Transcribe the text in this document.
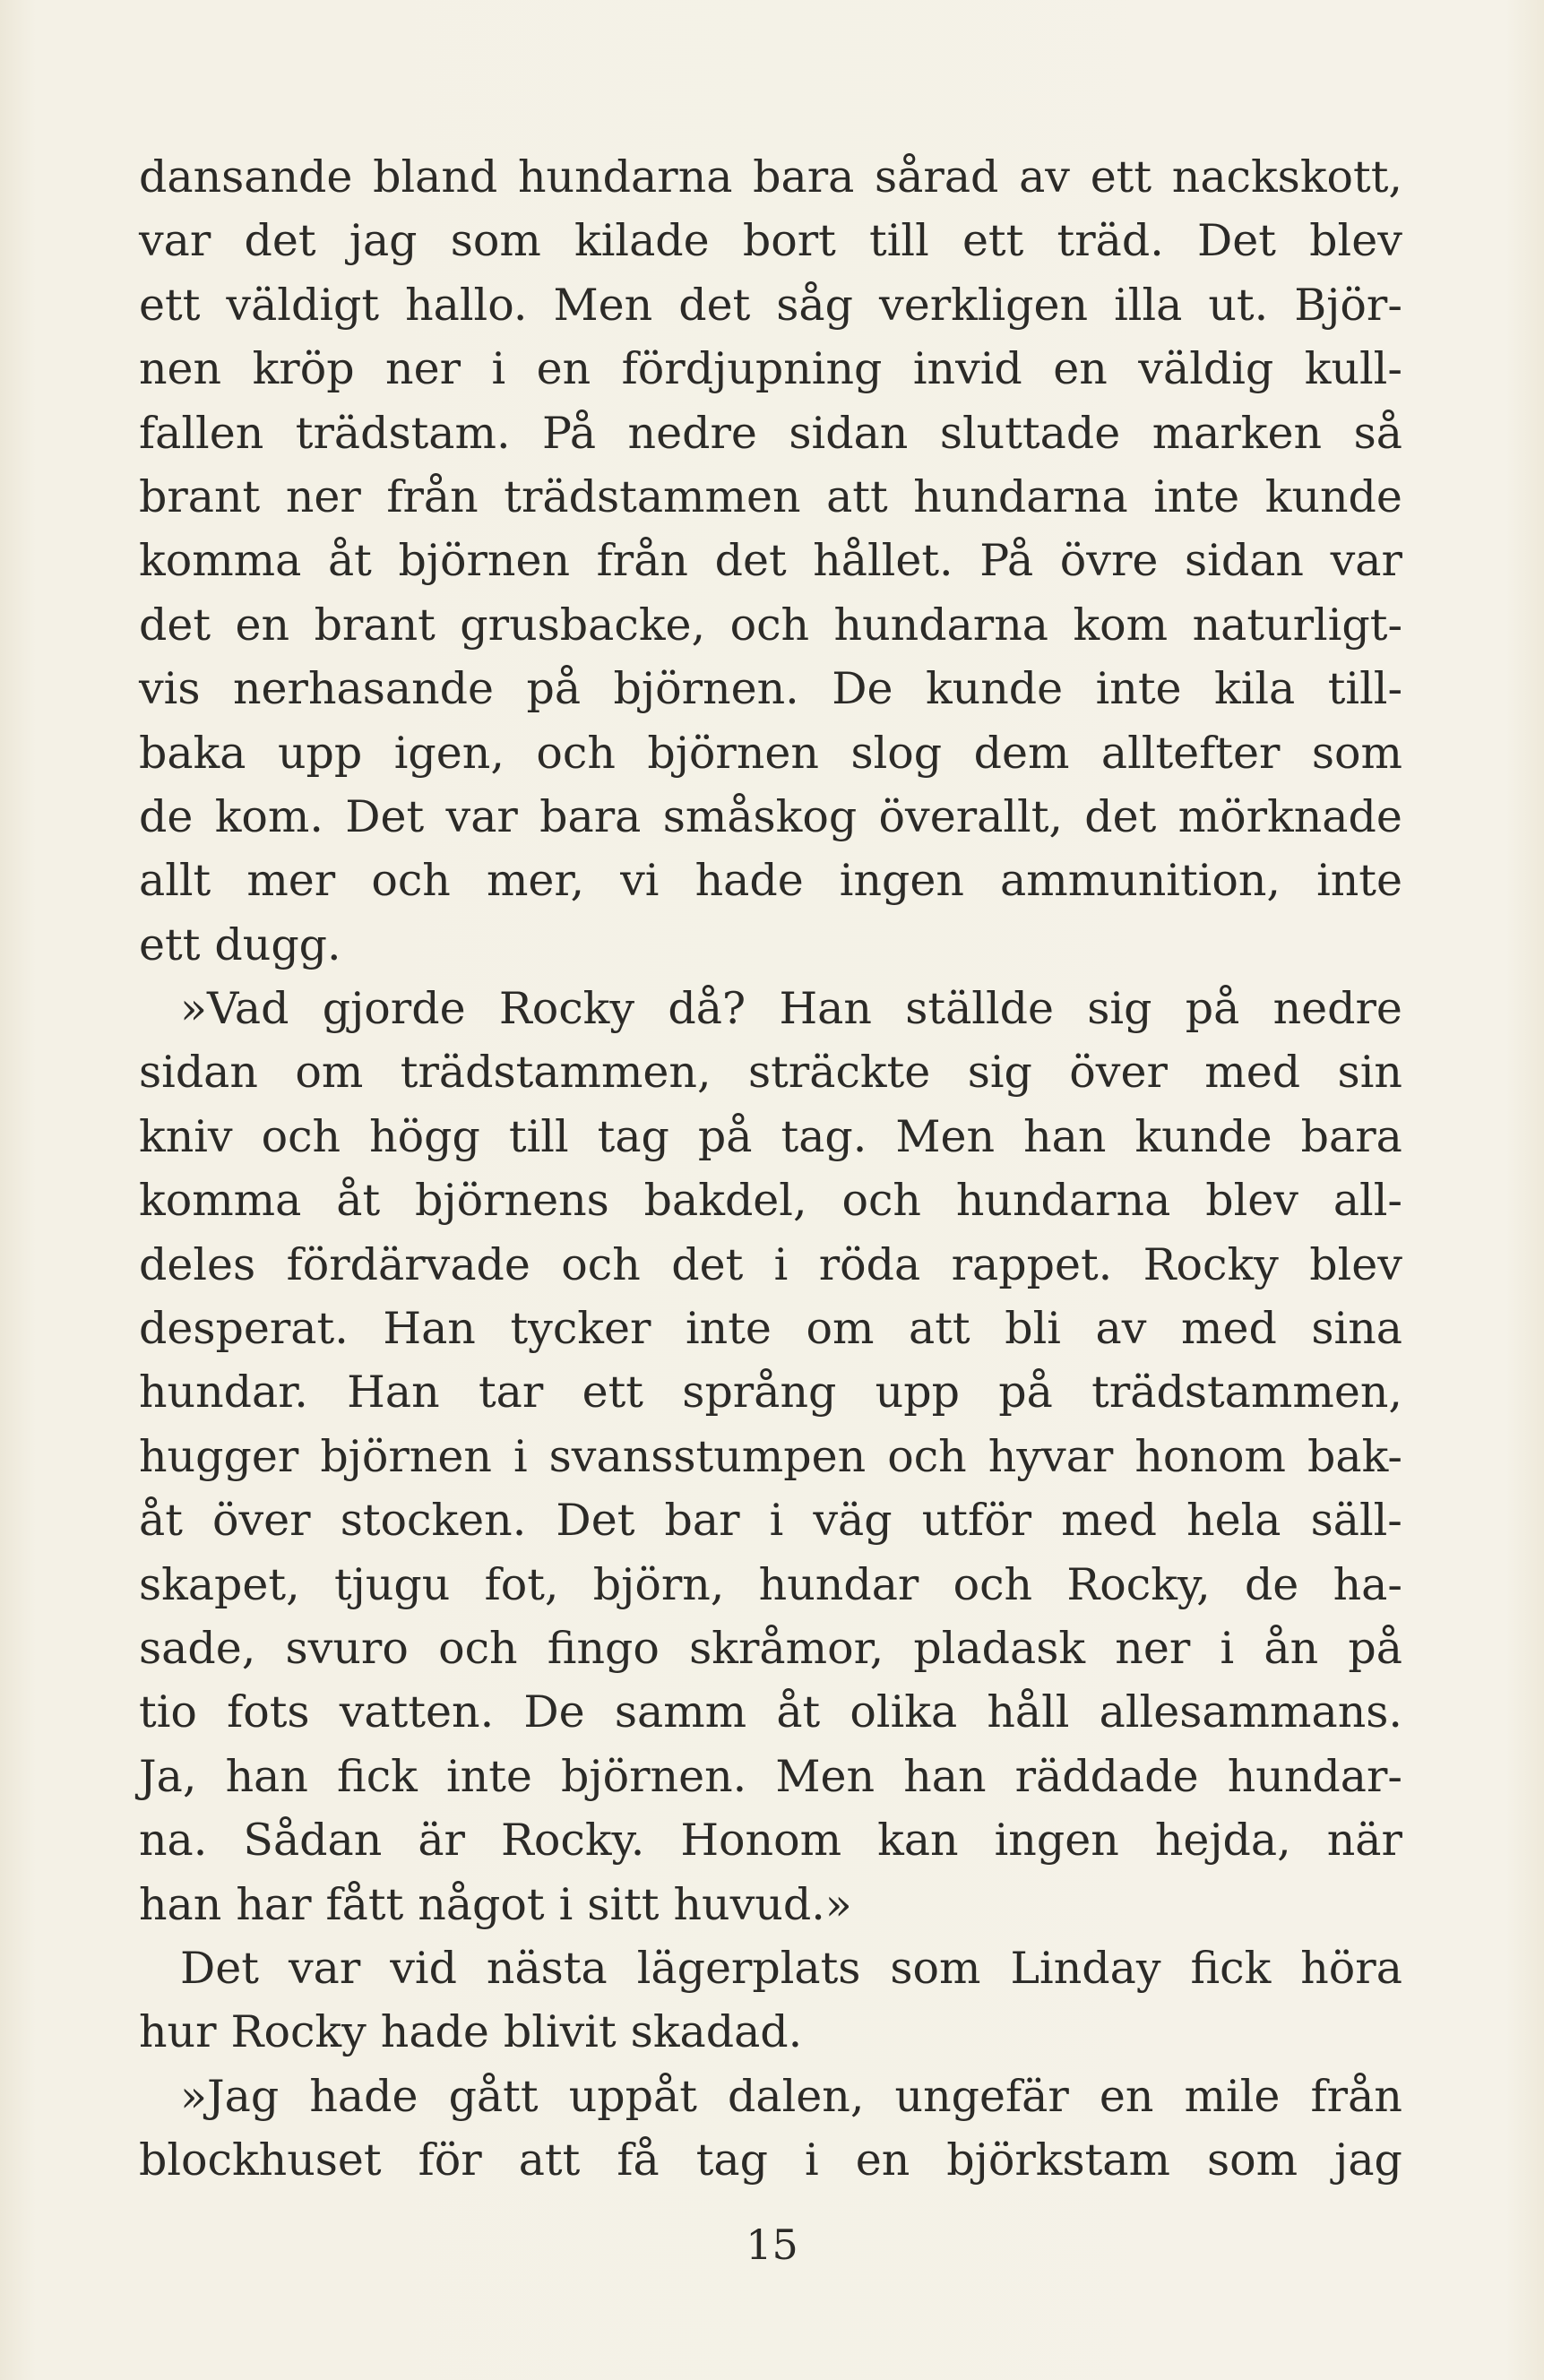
dansande bland hundarna bara sårad av ett nackskott,
var det jag som kilade bort till ett träd. Det blev
ett väldigt hallo. Men det såg verkligen illa ut. Björ-
nen kröp ner i en fördjupning invid en väldig kull-
fallen trädstam. På nedre sidan sluttade marken så
brant ner från trädstammen att hundarna inte kunde
komma åt björnen från det hållet. På övre sidan var
det en brant grusbacke, och hundarna kom naturligt-
vis nerhasande på björnen. De kunde inte kila till-
baka upp igen, och björnen slog dem alltefter som
de kom. Det var bara småskog överallt, det mörknade
allt mer och mer, vi hade ingen ammunition, inte
ett dugg.
»Vad gjorde Rocky då? Han ställde sig på nedre
sidan om trädstammen, sträckte sig över med sin
kniv och högg till tag på tag. Men han kunde bara
komma åt björnens bakdel, och hundarna blev all-
deles fördärvade och det i röda rappet. Rocky blev
desperat. Han tycker inte om att bli av med sina
hundar. Han tar ett språng upp på trädstammen,
hugger björnen i svansstumpen och hyvar honom bak-
åt över stocken. Det bar i väg utför med hela säll-
skapet, tjugu fot, björn, hundar och Rocky, de ha-
sade, svuro och fingo skråmor, pladask ner i ån på
tio fots vatten. De samm åt olika håll allesammans.
Ja, han fick inte björnen. Men han räddade hundar-
na. Sådan är Rocky. Honom kan ingen hejda, när
han har fått något i sitt huvud.»
Det var vid nästa lägerplats som Linday fick höra
hur Rocky hade blivit skadad.
»Jag hade gått uppåt dalen, ungefär en mile från
blockhuset för att få tag i en björkstam som jag
15
